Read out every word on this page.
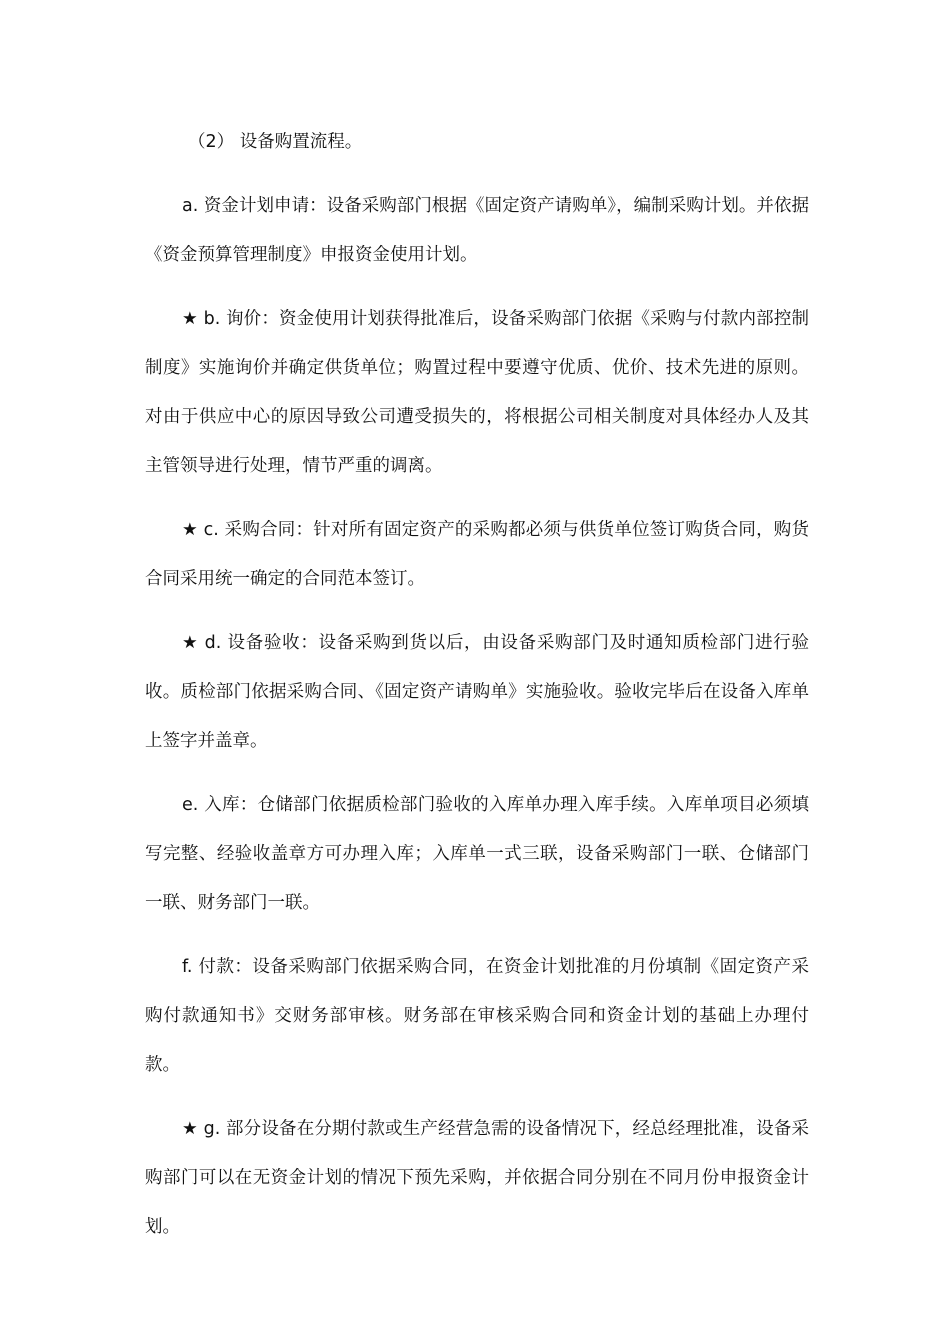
（2） 设备购置流程。

a. 资金计划申请：设备采购部门根据《固定资产请购单》，编制采购计划。并依据《资金预算管理制度》申报资金使用计划。

★ b. 询价：资金使用计划获得批准后，设备采购部门依据《采购与付款内部控制制度》实施询价并确定供货单位；购置过程中要遵守优质、优价、技术先进的原则。对由于供应中心的原因导致公司遭受损失的，将根据公司相关制度对具体经办人及其主管领导进行处理，情节严重的调离。

★ c. 采购合同：针对所有固定资产的采购都必须与供货单位签订购货合同，购货合同采用统一确定的合同范本签订。

★ d. 设备验收：设备采购到货以后，由设备采购部门及时通知质检部门进行验收。质检部门依据采购合同、《固定资产请购单》实施验收。验收完毕后在设备入库单上签字并盖章。

e. 入库：仓储部门依据质检部门验收的入库单办理入库手续。入库单项目必须填写完整、经验收盖章方可办理入库；入库单一式三联，设备采购部门一联、仓储部门一联、财务部门一联。

f. 付款：设备采购部门依据采购合同，在资金计划批准的月份填制《固定资产采购付款通知书》交财务部审核。财务部在审核采购合同和资金计划的基础上办理付款。

★ g. 部分设备在分期付款或生产经营急需的设备情况下，经总经理批准，设备采购部门可以在无资金计划的情况下预先采购，并依据合同分别在不同月份申报资金计划。
